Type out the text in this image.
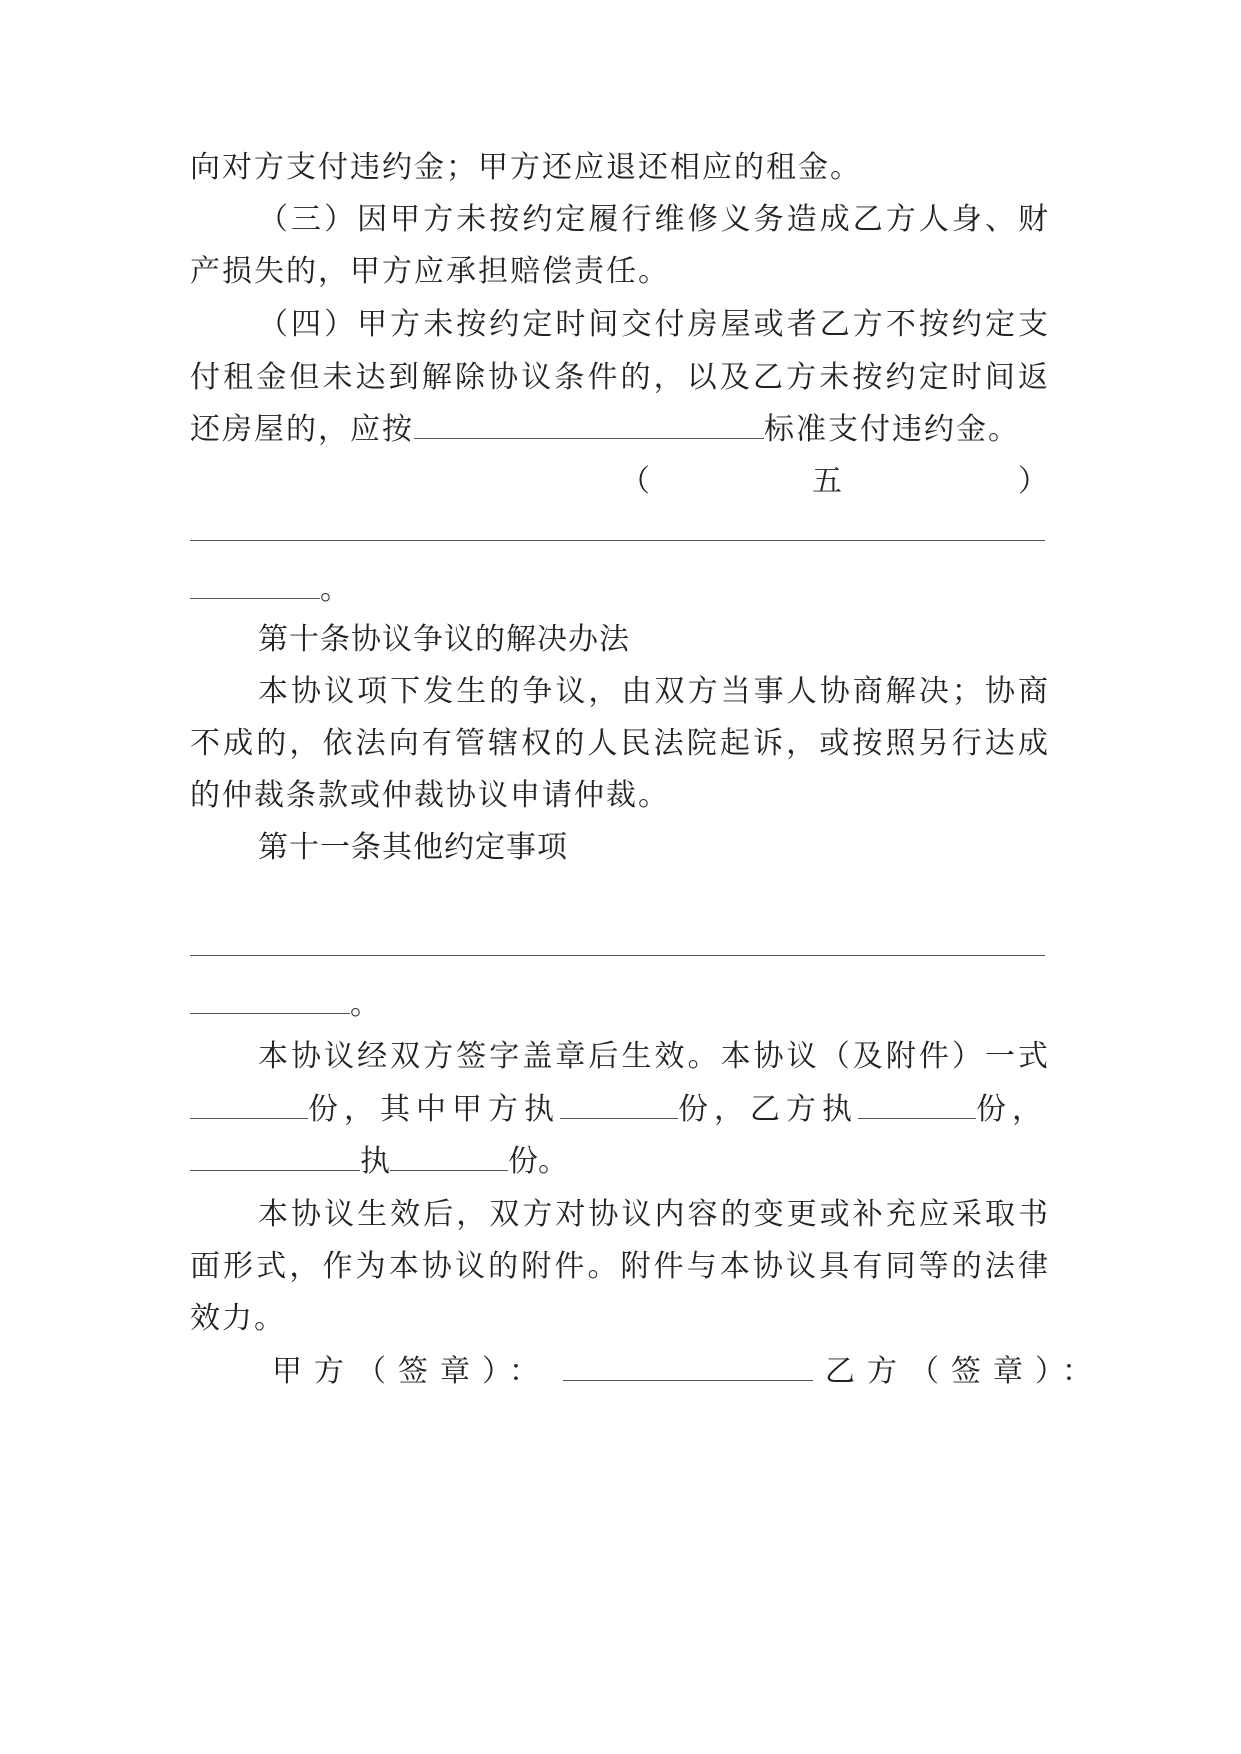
向对方支付违约金；甲方还应退还相应的租金。
（三）因甲方未按约定履行维修义务造成乙方人身、财
产损失的，甲方应承担赔偿责任。
（四）甲方未按约定时间交付房屋或者乙方不按约定支
付租金但未达到解除协议条件的，以及乙方未按约定时间返
还房屋的，应按	标准支付违约金。
（	五	）
。
第十条协议争议的解决办法
本协议项下发生的争议，由双方当事人协商解决；协商
不成的，依法向有管辖权的人民法院起诉，或按照另行达成
的仲裁条款或仲裁协议申请仲裁。
第十一条其他约定事项
。
本协议经双方签字盖章后生效。本协议（及附件）一式
份，其中甲方执	份，乙方执	份，
执	份。
本协议生效后，双方对协议内容的变更或补充应采取书
面形式，作为本协议的附件。附件与本协议具有同等的法律
效力。
甲方（签章）：	乙方（签章）：
